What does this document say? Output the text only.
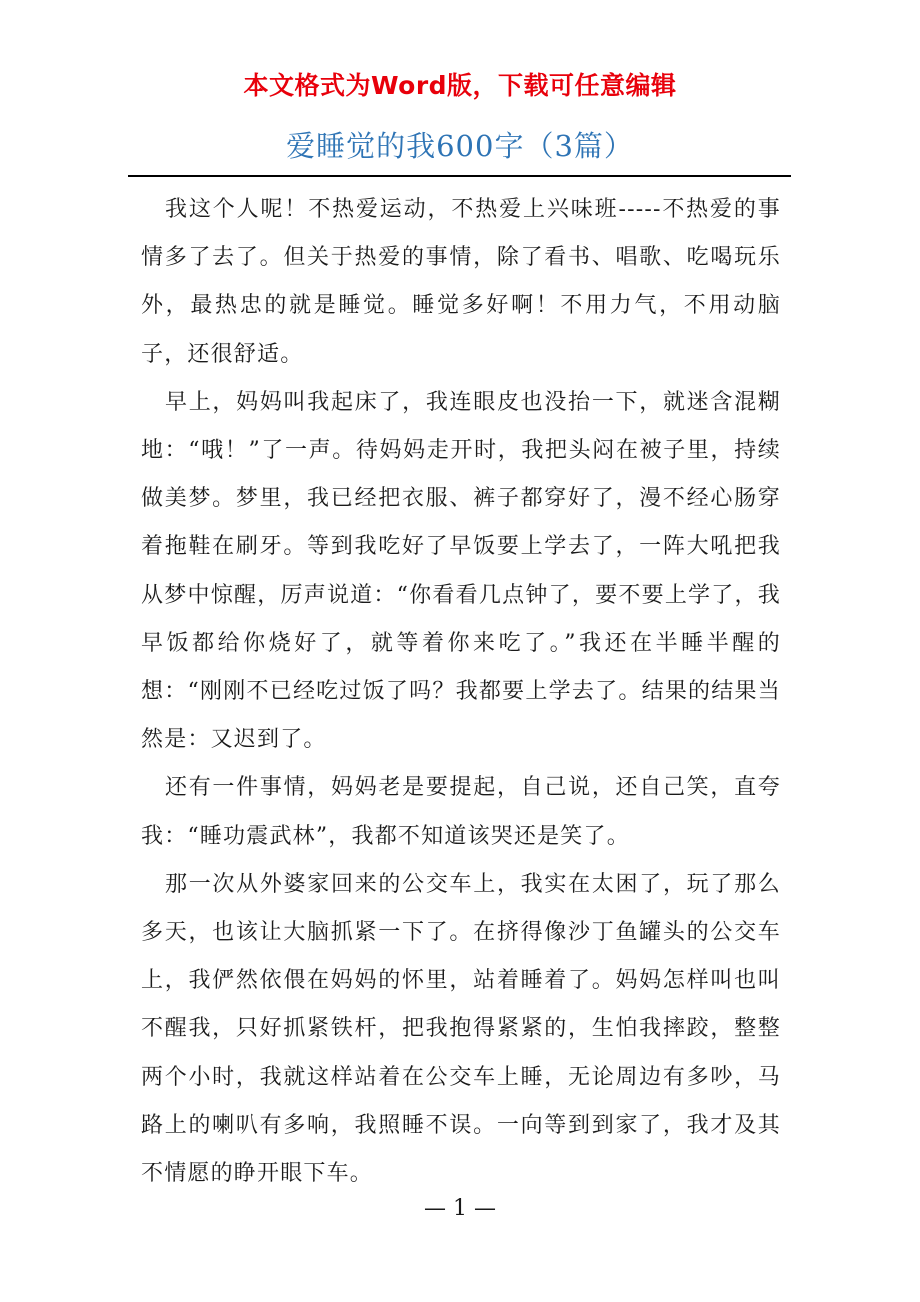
本文格式为Word版，下载可任意编辑
爱睡觉的我600字（3篇）

我这个人呢！不热爱运动，不热爱上兴味班-----不热爱的事情多了去了。但关于热爱的事情，除了看书、唱歌、吃喝玩乐外，最热忠的就是睡觉。睡觉多好啊！不用力气，不用动脑子，还很舒适。

早上，妈妈叫我起床了，我连眼皮也没抬一下，就迷含混糊地：“哦！”了一声。待妈妈走开时，我把头闷在被子里，持续做美梦。梦里，我已经把衣服、裤子都穿好了，漫不经心肠穿着拖鞋在刷牙。等到我吃好了早饭要上学去了，一阵大吼把我从梦中惊醒，厉声说道：“你看看几点钟了，要不要上学了，我早饭都给你烧好了，就等着你来吃了。”我还在半睡半醒的想：“刚刚不已经吃过饭了吗？我都要上学去了。结果的结果当然是：又迟到了。

还有一件事情，妈妈老是要提起，自己说，还自己笑，直夸我：“睡功震武林”，我都不知道该哭还是笑了。

那一次从外婆家回来的公交车上，我实在太困了，玩了那么多天，也该让大脑抓紧一下了。在挤得像沙丁鱼罐头的公交车上，我俨然依偎在妈妈的怀里，站着睡着了。妈妈怎样叫也叫不醒我，只好抓紧铁杆，把我抱得紧紧的，生怕我摔跤，整整两个小时，我就这样站着在公交车上睡，无论周边有多吵，马路上的喇叭有多响，我照睡不误。一向等到到家了，我才及其不情愿的睁开眼下车。

— 1 —
